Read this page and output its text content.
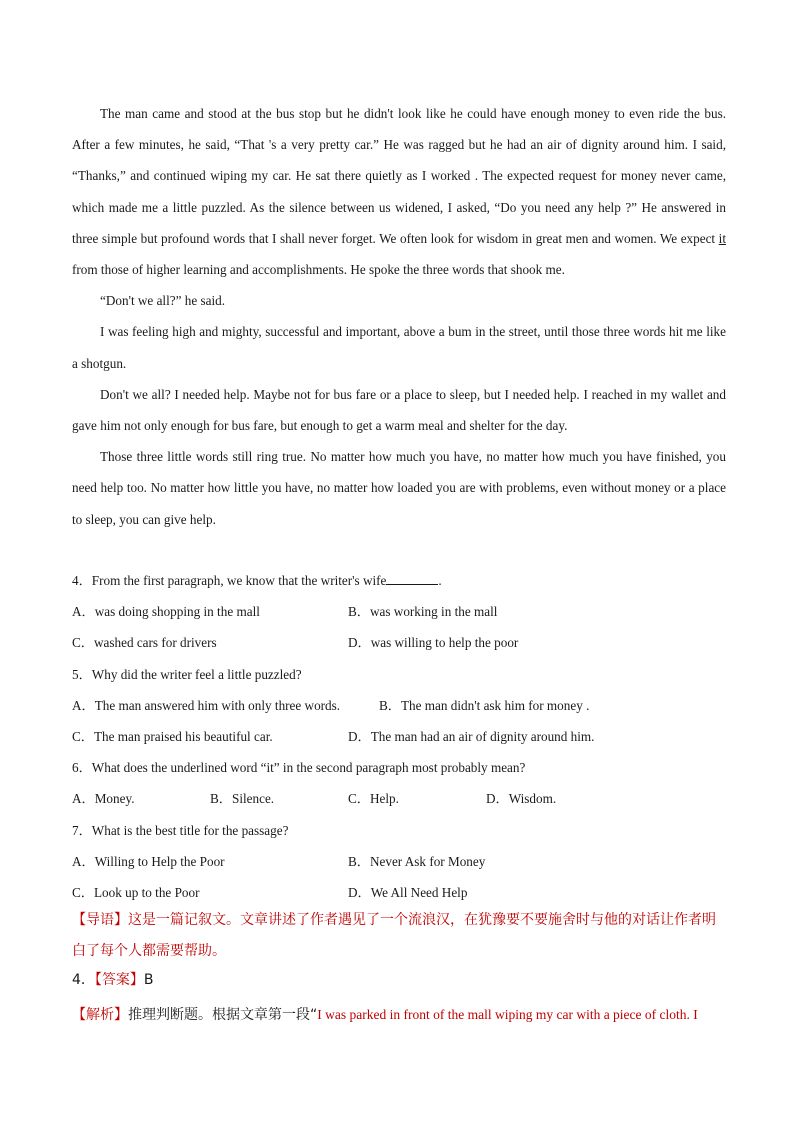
The man came and stood at the bus stop but he didn't look like he could have enough money to even ride the bus. After a few minutes, he said, “That 's a very pretty car.” He was ragged but he had an air of dignity around him. I said, “Thanks,” and continued wiping my car. He sat there quietly as I worked . The expected request for money never came, which made me a little puzzled. As the silence between us widened, I asked, “Do you need any help ?” He answered in three simple but profound words that I shall never forget. We often look for wisdom in great men and women. We expect it from those of higher learning and accomplishments. He spoke the three words that shook me.

“Don't we all?” he said.

I was feeling high and mighty, successful and important, above a bum in the street, until those three words hit me like a shotgun.

Don't we all? I needed help. Maybe not for bus fare or a place to sleep, but I needed help. I reached in my wallet and gave him not only enough for bus fare, but enough to get a warm meal and shelter for the day.

Those three little words still ring true. No matter how much you have, no matter how much you have finished, you need help too. No matter how little you have, no matter how loaded you are with problems, even without money or a place to sleep, you can give help.

4．From the first paragraph, we know that the writer's wife	.

A．was doing shopping in the mall	B．was working in the mall
C．washed cars for drivers	D．was willing to help the poor

5．Why did the writer feel a little puzzled?

A．The man answered him with only three words.	B．The man didn't ask him for money .
C．The man praised his beautiful car.	D．The man had an air of dignity around him.

6．What does the underlined word “it” in the second paragraph most probably mean?

A．Money.	B．Silence.	C．Help.	D．Wisdom.

7．What is the best title for the passage?

A．Willing to Help the Poor	B．Never Ask for Money
C．Look up to the Poor	D．We All Need Help

【导语】这是一篇记叙文。文章讲述了作者遇见了一个流浪汉，在犹豫要不要施舍时与他的对话让作者明白了每个人都需要帮助。

4．【答案】B
【解析】推理判断题。根据文章第一段“I was parked in front of the mall wiping my car with a piece of cloth. I
